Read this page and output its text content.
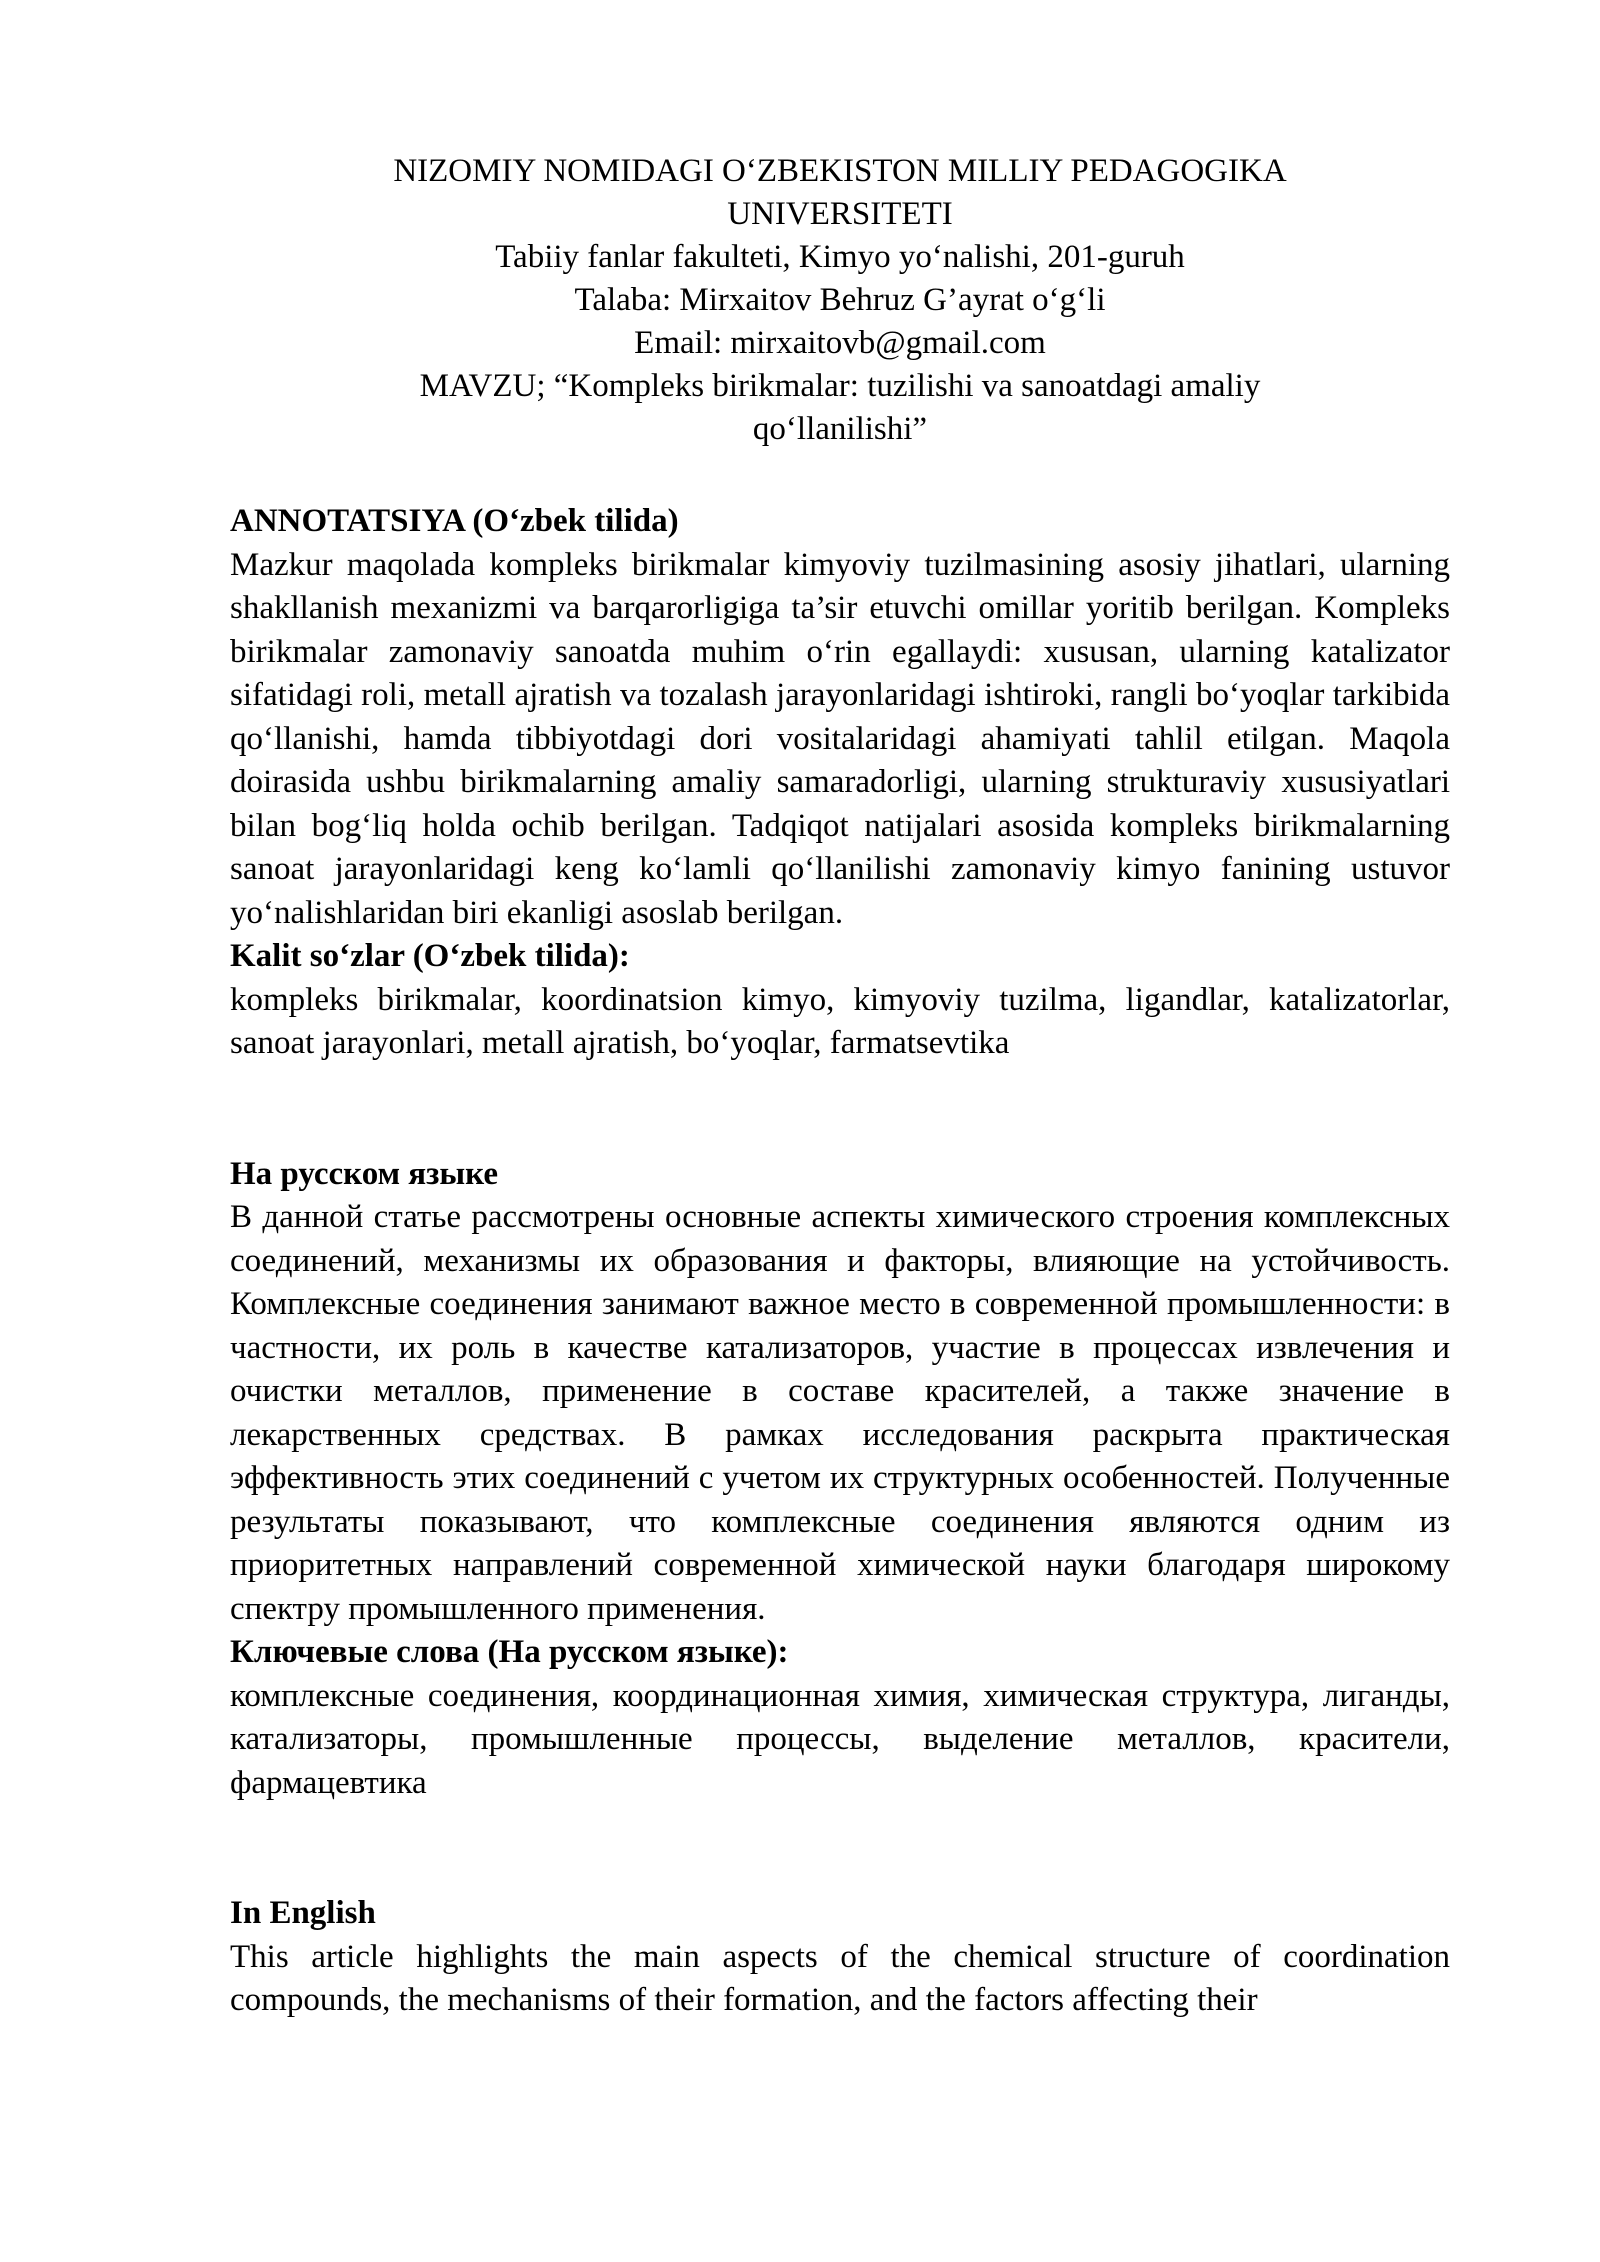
NIZOMIY NOMIDAGI O‘ZBEKISTON MILLIY PEDAGOGIKA
UNIVERSITETI
Tabiiy fanlar fakulteti, Kimyo yo‘nalishi, 201-guruh
Talaba: Mirxaitov Behruz G’ayrat o‘g‘li
Email: mirxaitovb@gmail.com
MAVZU; “Kompleks birikmalar: tuzilishi va sanoatdagi amaliy
qo‘llanilishi”

ANNOTATSIYA (O‘zbek tilida)

Mazkur maqolada kompleks birikmalar kimyoviy tuzilmasining asosiy jihatlari, ularning shakllanish mexanizmi va barqarorligiga ta’sir etuvchi omillar yoritib berilgan. Kompleks birikmalar zamonaviy sanoatda muhim o‘rin egallaydi: xususan, ularning katalizator sifatidagi roli, metall ajratish va tozalash jarayonlaridagi ishtiroki, rangli bo‘yoqlar tarkibida qo‘llanishi, hamda tibbiyotdagi dori vositalaridagi ahamiyati tahlil etilgan. Maqola doirasida ushbu birikmalarning amaliy samaradorligi, ularning strukturaviy xususiyatlari bilan bog‘liq holda ochib berilgan. Tadqiqot natijalari asosida kompleks birikmalarning sanoat jarayonlaridagi keng ko‘lamli qo‘llanilishi zamonaviy kimyo fanining ustuvor yo‘nalishlaridan biri ekanligi asoslab berilgan.

Kalit so‘zlar (O‘zbek tilida):

kompleks birikmalar, koordinatsion kimyo, kimyoviy tuzilma, ligandlar, katalizatorlar, sanoat jarayonlari, metall ajratish, bo‘yoqlar, farmatsevtika

На русском языке

В данной статье рассмотрены основные аспекты химического строения комплексных соединений, механизмы их образования и факторы, влияющие на устойчивость. Комплексные соединения занимают важное место в современной промышленности: в частности, их роль в качестве катализаторов, участие в процессах извлечения и очистки металлов, применение в составе красителей, а также значение в лекарственных средствах. В рамках исследования раскрыта практическая эффективность этих соединений с учетом их структурных особенностей. Полученные результаты показывают, что комплексные соединения являются одним из приоритетных направлений современной химической науки благодаря широкому спектру промышленного применения.

Ключевые слова (На русском языке):

комплексные соединения, координационная химия, химическая структура, лиганды, катализаторы, промышленные процессы, выделение металлов, красители, фармацевтика

In English

This article highlights the main aspects of the chemical structure of coordination compounds, the mechanisms of their formation, and the factors affecting their
